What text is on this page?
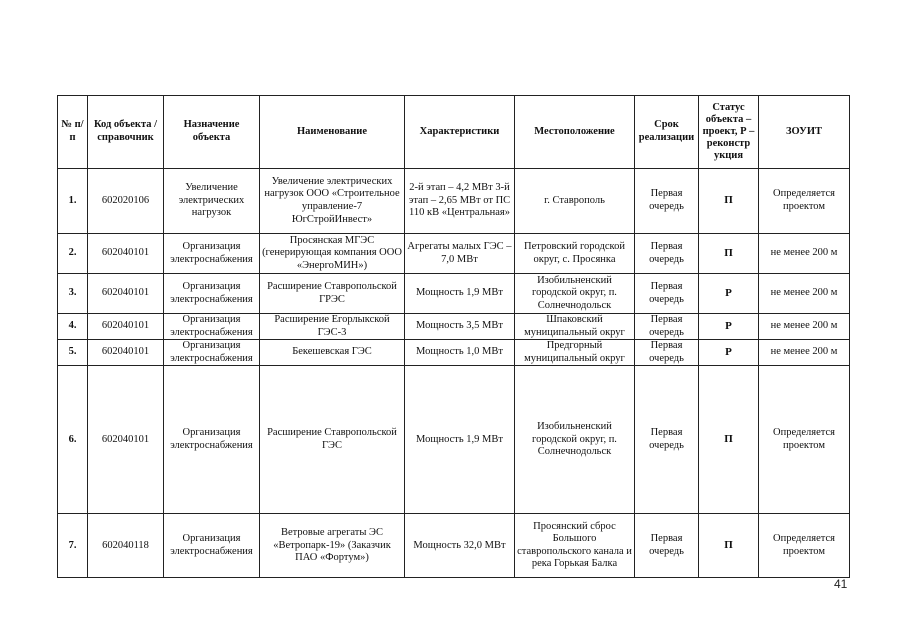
№ п/п	Код объекта / справочник	Назначение объекта	Наименование	Характеристики	Местоположение	Срок реализации	Статус объекта – проект, Р – реконстр укция	ЗОУИТ
1.	602020106	Увеличение электрических нагрузок	Увеличение электрических нагрузок ООО «Строительное управление-7 ЮгСтройИнвест»	2-й этап – 4,2 МВт 3-й этап – 2,65 МВт от ПС 110 кВ «Центральная»	г. Ставрополь	Первая очередь	П	Определяется проектом
2.	602040101	Организация электроснабжения	Просянская МГЭС (генерирующая компания ООО «ЭнергоМИН»)	Агрегаты малых ГЭС – 7,0 МВт	Петровский городской округ, с. Просянка	Первая очередь	П	не менее 200 м
3.	602040101	Организация электроснабжения	Расширение Ставропольской ГРЭС	Мощность 1,9 МВт	Изобильненский городской округ, п. Солнечнодольск	Первая очередь	Р	не менее 200 м
4.	602040101	Организация электроснабжения	Расширение Егорлыкской ГЭС-3	Мощность 3,5 МВт	Шпаковский муниципальный округ	Первая очередь	Р	не менее 200 м
5.	602040101	Организация электроснабжения	Бекешевская ГЭС	Мощность 1,0 МВт	Предгорный муниципальный округ	Первая очередь	Р	не менее 200 м
6.	602040101	Организация электроснабжения	Расширение Ставропольской ГЭС	Мощность 1,9 МВт	Изобильненский городской округ, п. Солнечнодольск	Первая очередь	П	Определяется проектом
7.	602040118	Организация электроснабжения	Ветровые агрегаты ЭС «Ветропарк-19» (Заказчик ПАО «Фортум»)	Мощность 32,0 МВт	Просянский сброс Большого ставропольского канала и река Горькая Балка	Первая очередь	П	Определяется проектом
41
